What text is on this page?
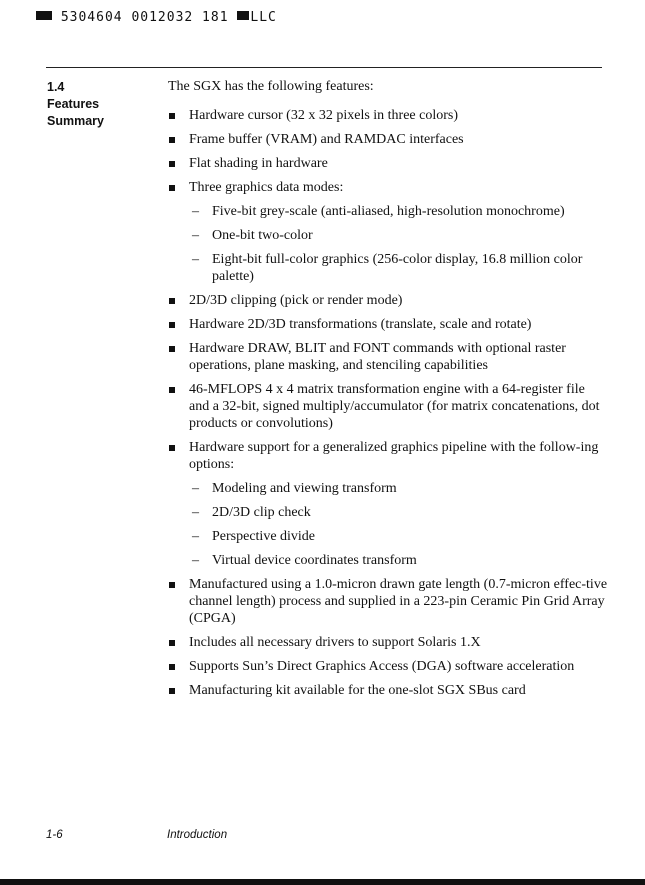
5304604 0012032 181 LLC
1.4
Features Summary

The SGX has the following features:

Hardware cursor (32 x 32 pixels in three colors)
Frame buffer (VRAM) and RAMDAC interfaces
Flat shading in hardware
Three graphics data modes:
– Five-bit grey-scale (anti-aliased, high-resolution monochrome)
– One-bit two-color
– Eight-bit full-color graphics (256-color display, 16.8 million color palette)
2D/3D clipping (pick or render mode)
Hardware 2D/3D transformations (translate, scale and rotate)
Hardware DRAW, BLIT and FONT commands with optional raster operations, plane masking, and stenciling capabilities
46-MFLOPS 4 x 4 matrix transformation engine with a 64-register file and a 32-bit, signed multiply/accumulator (for matrix concatenations, dot products or convolutions)
Hardware support for a generalized graphics pipeline with the follow-ing options:
– Modeling and viewing transform
– 2D/3D clip check
– Perspective divide
– Virtual device coordinates transform
Manufactured using a 1.0-micron drawn gate length (0.7-micron effec-tive channel length) process and supplied in a 223-pin Ceramic Pin Grid Array (CPGA)
Includes all necessary drivers to support Solaris 1.X
Supports Sun’s Direct Graphics Access (DGA) software acceleration
Manufacturing kit available for the one-slot SGX SBus card
1-6	Introduction
